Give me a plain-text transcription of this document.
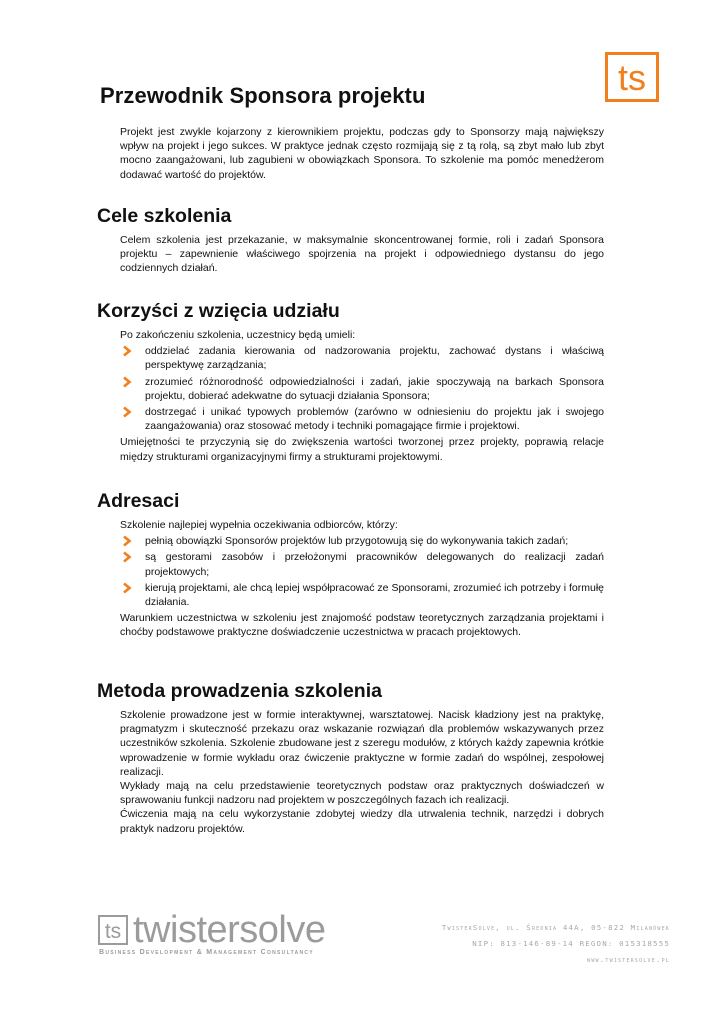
ts
Przewodnik Sponsora projektu

Projekt jest zwykle kojarzony z kierownikiem projektu, podczas gdy to Sponsorzy mają największy wpływ na projekt i jego sukces. W praktyce jednak często rozmijają się z tą rolą, są zbyt mało lub zbyt mocno zaangażowani, lub zagubieni w obowiązkach Sponsora. To szkolenie ma pomóc menedżerom dodawać wartość do projektów.

Cele szkolenia

Celem szkolenia jest przekazanie, w maksymalnie skoncentrowanej formie, roli i zadań Sponsora projektu – zapewnienie właściwego spojrzenia na projekt i odpowiedniego dystansu do jego codziennych działań.

Korzyści z wzięcia udziału

Po zakończeniu szkolenia, uczestnicy będą umieli:

oddzielać zadania kierowania od nadzorowania projektu, zachować dystans i właściwą perspektywę zarządzania;
zrozumieć różnorodność odpowiedzialności i zadań, jakie spoczywają na barkach Sponsora projektu, dobierać adekwatne do sytuacji działania Sponsora;
dostrzegać i unikać typowych problemów (zarówno w odniesieniu do projektu jak i swojego zaangażowania) oraz stosować metody i techniki pomagające firmie i projektowi.

Umiejętności te przyczynią się do zwiększenia wartości tworzonej przez projekty, poprawią relacje między strukturami organizacyjnymi firmy a strukturami projektowymi.

Adresaci

Szkolenie najlepiej wypełnia oczekiwania odbiorców, którzy:

pełnią obowiązki Sponsorów projektów lub przygotowują się do wykonywania takich zadań;
są gestorami zasobów i przełożonymi pracowników delegowanych do realizacji zadań projektowych;
kierują projektami, ale chcą lepiej współpracować ze Sponsorami, zrozumieć ich potrzeby i formułę działania.

Warunkiem uczestnictwa w szkoleniu jest znajomość podstaw teoretycznych zarządzania projektami i choćby podstawowe praktyczne doświadczenie uczestnictwa w pracach projektowych.

Metoda prowadzenia szkolenia

Szkolenie prowadzone jest w formie interaktywnej, warsztatowej. Nacisk kładziony jest na praktykę, pragmatyzm i skuteczność przekazu oraz wskazanie rozwiązań dla problemów wskazywanych przez uczestników szkolenia. Szkolenie zbudowane jest z szeregu modułów, z których każdy zapewnia krótkie wprowadzenie w formie wykładu oraz ćwiczenie praktyczne w formie zadań do wspólnej, zespołowej realizacji.

Wykłady mają na celu przedstawienie teoretycznych podstaw oraz praktycznych doświadczeń w sprawowaniu funkcji nadzoru nad projektem w poszczególnych fazach ich realizacji.

Ćwiczenia mają na celu wykorzystanie zdobytej wiedzy dla utrwalenia technik, narzędzi i dobrych praktyk nadzoru projektów.

ts twistersolve

Business Development & Management Consultancy

TwisterSolve, ul. Średnia 44A, 05-822 Milanówek
NIP: 813-146-89-14 REGON: 015318555
www.twistersolve.pl
